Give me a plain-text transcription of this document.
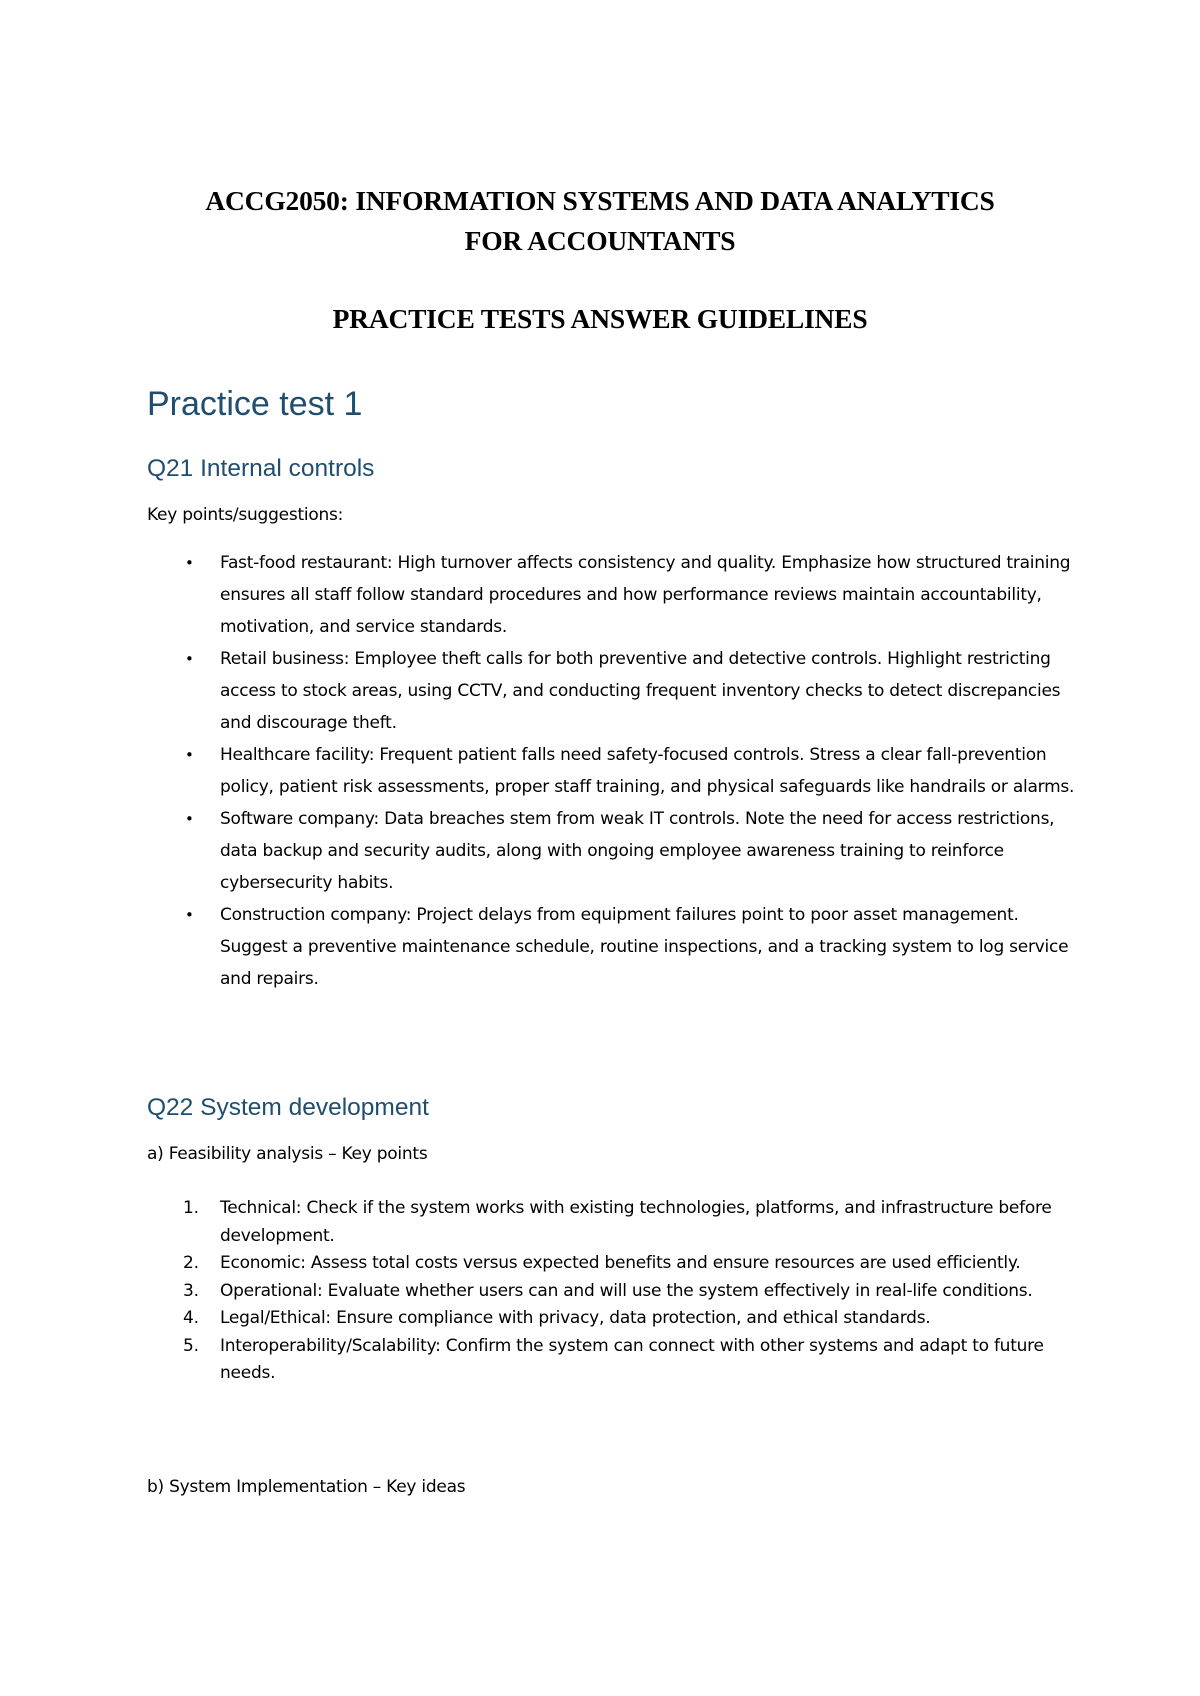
ACCG2050: INFORMATION SYSTEMS AND DATA ANALYTICS
FOR ACCOUNTANTS
PRACTICE TESTS ANSWER GUIDELINES
Practice test 1
Q21 Internal controls
Key points/suggestions:
• Fast-food restaurant: High turnover affects consistency and quality. Emphasize how structured training ensures all staff follow standard procedures and how performance reviews maintain accountability, motivation, and service standards.
• Retail business: Employee theft calls for both preventive and detective controls. Highlight restricting access to stock areas, using CCTV, and conducting frequent inventory checks to detect discrepancies and discourage theft.
• Healthcare facility: Frequent patient falls need safety-focused controls. Stress a clear fall-prevention policy, patient risk assessments, proper staff training, and physical safeguards like handrails or alarms.
• Software company: Data breaches stem from weak IT controls. Note the need for access restrictions, data backup and security audits, along with ongoing employee awareness training to reinforce cybersecurity habits.
• Construction company: Project delays from equipment failures point to poor asset management. Suggest a preventive maintenance schedule, routine inspections, and a tracking system to log service and repairs.
Q22 System development
a) Feasibility analysis – Key points
1. Technical: Check if the system works with existing technologies, platforms, and infrastructure before development.
2. Economic: Assess total costs versus expected benefits and ensure resources are used efficiently.
3. Operational: Evaluate whether users can and will use the system effectively in real-life conditions.
4. Legal/Ethical: Ensure compliance with privacy, data protection, and ethical standards.
5. Interoperability/Scalability: Confirm the system can connect with other systems and adapt to future needs.
b) System Implementation – Key ideas
